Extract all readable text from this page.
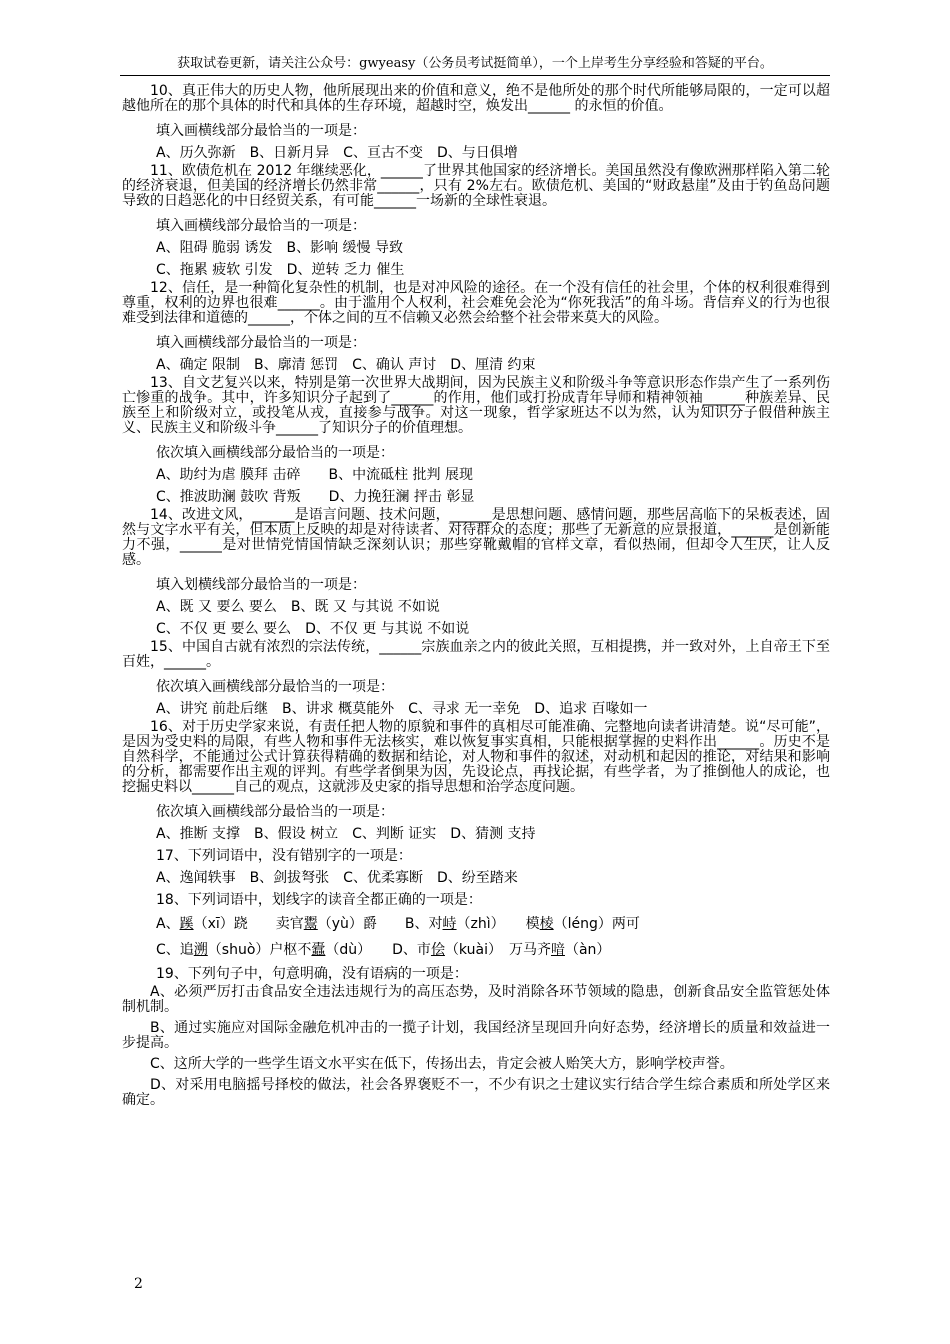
获取试卷更新，请关注公众号：gwyeasy（公务员考试挺简单），一个上岸考生分享经验和答疑的平台。

10、真正伟大的历史人物，他所展现出来的价值和意义，绝不是他所处的那个时代所能够局限的，一定可以超越他所在的那个具体的时代和具体的生存环境，超越时空，焕发出______ 的永恒的价值。

填入画横线部分最恰当的一项是：

A、历久弥新　B、日新月异　C、亘古不变　D、与日俱增

11、欧债危机在 2012 年继续恶化，______了世界其他国家的经济增长。美国虽然没有像欧洲那样陷入第二轮的经济衰退，但美国的经济增长仍然非常______，只有 2%左右。欧债危机、美国的“财政悬崖”及由于钓鱼岛问题导致的日趋恶化的中日经贸关系，有可能______一场新的全球性衰退。

填入画横线部分最恰当的一项是：

A、阻碍 脆弱 诱发　B、影响 缓慢 导致

C、拖累 疲软 引发　D、逆转 乏力 催生

12、信任，是一种简化复杂性的机制，也是对冲风险的途径。在一个没有信任的社会里，个体的权利很难得到尊重，权利的边界也很难______。由于滥用个人权利，社会难免会沦为“你死我活”的角斗场。背信弃义的行为也很难受到法律和道德的______，个体之间的互不信赖又必然会给整个社会带来莫大的风险。

填入画横线部分最恰当的一项是：

A、确定 限制　B、廓清 惩罚　C、确认 声讨　D、厘清 约束

13、自文艺复兴以来，特别是第一次世界大战期间，因为民族主义和阶级斗争等意识形态作祟产生了一系列伤亡惨重的战争。其中，许多知识分子起到了______的作用，他们或打扮成青年导师和精神领袖______种族差异、民族至上和阶级对立，或投笔从戎，直接参与战争。对这一现象，哲学家班达不以为然，认为知识分子假借种族主义、民族主义和阶级斗争______了知识分子的价值理想。

依次填入画横线部分最恰当的一项是：

A、助纣为虐 膜拜 击碎　　B、中流砥柱 批判 展现

C、推波助澜 鼓吹 背叛　　D、力挽狂澜 抨击 彰显

14、改进文风，______是语言问题、技术问题，______是思想问题、感情问题，那些居高临下的呆板表述，固然与文字水平有关，但本质上反映的却是对待读者、对待群众的态度；那些了无新意的应景报道，______是创新能力不强，______是对世情党情国情缺乏深刻认识；那些穿靴戴帽的官样文章，看似热闹，但却令人生厌，让人反感。

填入划横线部分最恰当的一项是：

A、既 又 要么 要么　B、既 又 与其说 不如说

C、不仅 更 要么 要么　D、不仅 更 与其说 不如说

15、中国自古就有浓烈的宗法传统，______宗族血亲之内的彼此关照，互相提携，并一致对外，上自帝王下至百姓，______。

依次填入画横线部分最恰当的一项是：

A、讲究 前赴后继　B、讲求 概莫能外　C、寻求 无一幸免　D、追求 百喙如一

16、对于历史学家来说，有责任把人物的原貌和事件的真相尽可能准确、完整地向读者讲清楚。说“尽可能”，是因为受史料的局限，有些人物和事件无法核实，难以恢复事实真相，只能根据掌握的史料作出______。历史不是自然科学，不能通过公式计算获得精确的数据和结论，对人物和事件的叙述，对动机和起因的推论，对结果和影响的分析，都需要作出主观的评判。有些学者倒果为因，先设论点，再找论据，有些学者，为了推倒他人的成论，也挖掘史料以______自己的观点，这就涉及史家的指导思想和治学态度问题。

依次填入画横线部分最恰当的一项是：

A、推断 支撑　B、假设 树立　C、判断 证实　D、猜测 支持

17、下列词语中，没有错别字的一项是：

A、逸闻轶事　B、剑拔弩张　C、优柔寡断　D、纷至踏来

18、下列词语中，划线字的读音全都正确的一项是：

A、蹊（xī）跷　　卖官鬻（yù）爵　　B、对峙（zhì）　　模棱（léng）两可

C、追溯（shuò）户枢不蠹（dù）　　D、市侩（kuài）　万马齐喑（àn）

19、下列句子中，句意明确，没有语病的一项是：

A、必须严厉打击食品安全违法违规行为的高压态势，及时消除各环节领域的隐患，创新食品安全监管惩处体制机制。

B、通过实施应对国际金融危机冲击的一揽子计划，我国经济呈现回升向好态势，经济增长的质量和效益进一步提高。

C、这所大学的一些学生语文水平实在低下，传扬出去，肯定会被人贻笑大方，影响学校声誉。

D、对采用电脑摇号择校的做法，社会各界褒贬不一，不少有识之士建议实行结合学生综合素质和所处学区来确定。

2
